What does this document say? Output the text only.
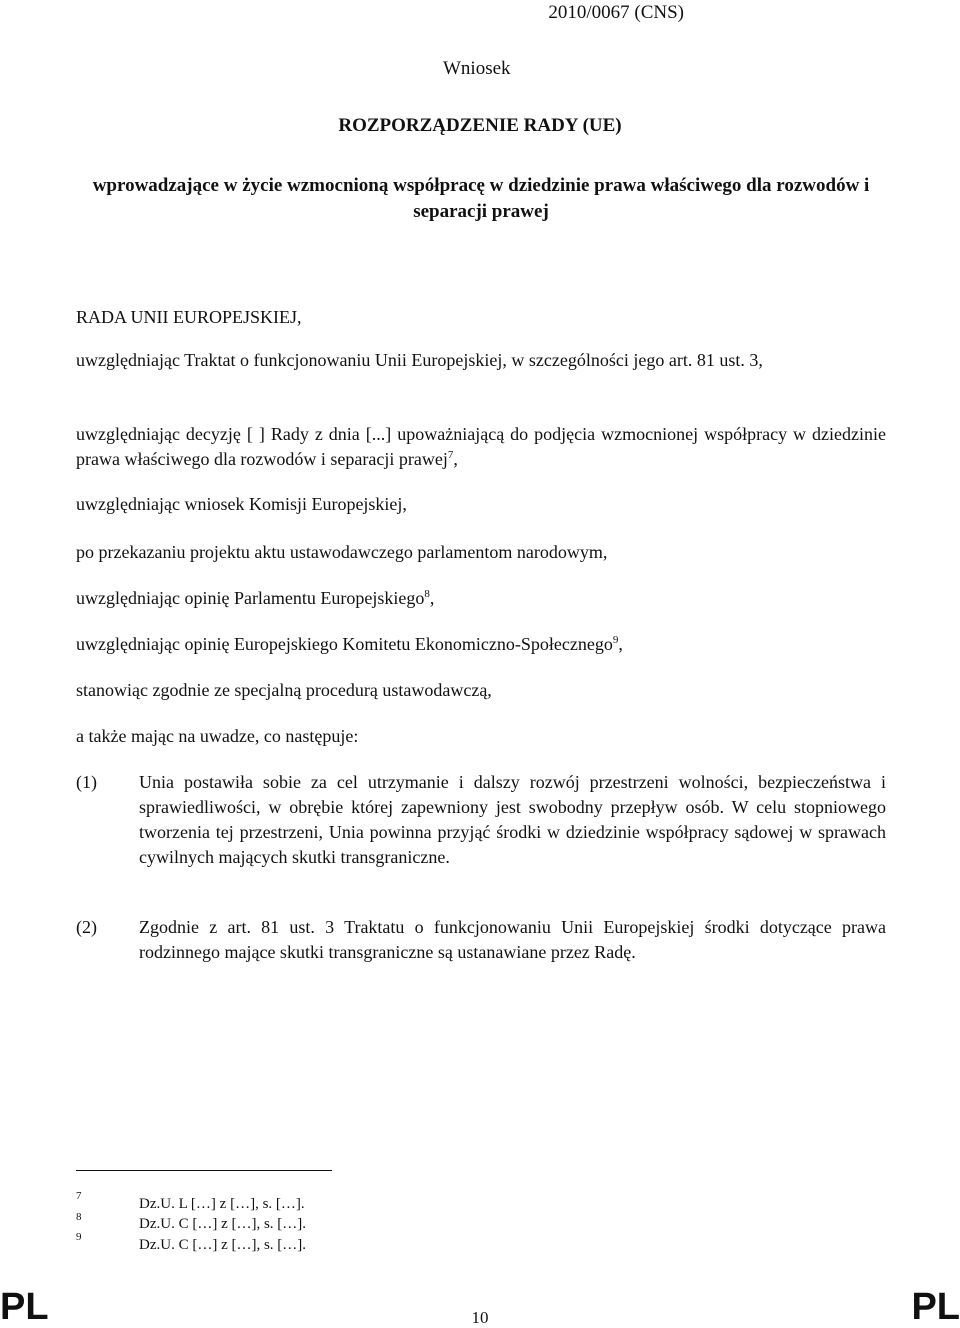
2010/0067 (CNS)
Wniosek
ROZPORZĄDZENIE RADY (UE)
wprowadzające w życie wzmocnioną współpracę w dziedzinie prawa właściwego dla rozwodów i separacji prawej
RADA UNII EUROPEJSKIEJ,
uwzględniając Traktat o funkcjonowaniu Unii Europejskiej, w szczególności jego art. 81 ust. 3,
uwzględniając decyzję [ ] Rady z dnia [...] upoważniającą do podjęcia wzmocnionej współpracy w dziedzinie prawa właściwego dla rozwodów i separacji prawej$^7$,
uwzględniając wniosek Komisji Europejskiej,
po przekazaniu projektu aktu ustawodawczego parlamentom narodowym,
uwzględniając opinię Parlamentu Europejskiego$^8$,
uwzględniając opinię Europejskiego Komitetu Ekonomiczno-Społecznego$^9$,
stanowiąc zgodnie ze specjalną procedurą ustawodawczą,
a także mając na uwadze, co następuje:
(1) Unia postawiła sobie za cel utrzymanie i dalszy rozwój przestrzeni wolności, bezpieczeństwa i sprawiedliwości, w obrębie której zapewniony jest swobodny przepływ osób. W celu stopniowego tworzenia tej przestrzeni, Unia powinna przyjąć środki w dziedzinie współpracy sądowej w sprawach cywilnych mających skutki transgraniczne.
(2) Zgodnie z art. 81 ust. 3 Traktatu o funkcjonowaniu Unii Europejskiej środki dotyczące prawa rodzinnego mające skutki transgraniczne są ustanawiane przez Radę.
7	Dz.U. L […] z […], s. […].
8	Dz.U. C […] z […], s. […].
9	Dz.U. C […] z […], s. […].
PL	10	PL
